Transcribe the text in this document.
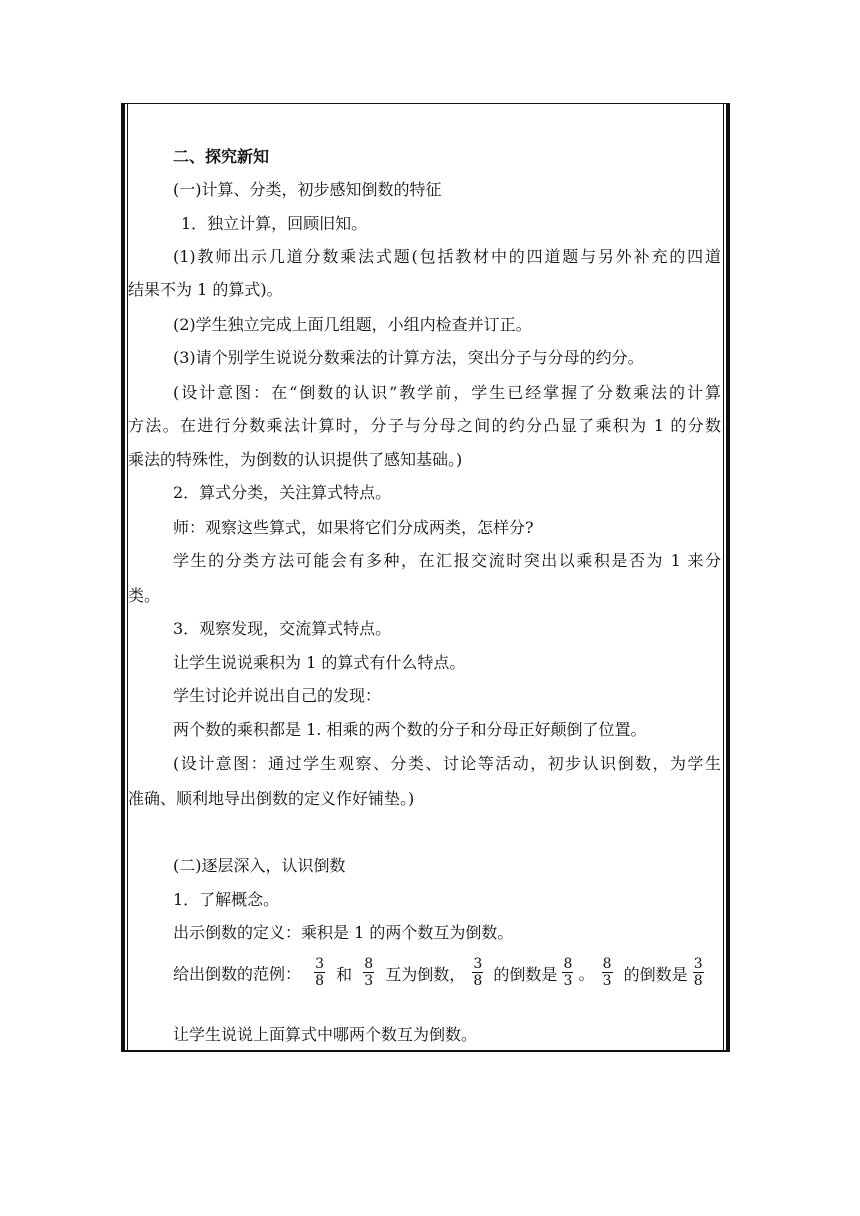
二、探究新知
(一)计算、分类，初步感知倒数的特征
1．独立计算，回顾旧知。
(1)教师出示几道分数乘法式题(包括教材中的四道题与另外补充的四道
结果不为 1 的算式)。
(2)学生独立完成上面几组题，小组内检查并订正。
(3)请个别学生说说分数乘法的计算方法，突出分子与分母的约分。
(设计意图：在“倒数的认识”教学前，学生已经掌握了分数乘法的计算
方法。在进行分数乘法计算时，分子与分母之间的约分凸显了乘积为 1 的分数
乘法的特殊性，为倒数的认识提供了感知基础。)
2．算式分类，关注算式特点。
师：观察这些算式，如果将它们分成两类，怎样分?
学生的分类方法可能会有多种，在汇报交流时突出以乘积是否为 1 来分
类。
3．观察发现，交流算式特点。
让学生说说乘积为 1 的算式有什么特点。
学生讨论并说出自己的发现：
两个数的乘积都是 1. 相乘的两个数的分子和分母正好颠倒了位置。
(设计意图：通过学生观察、分类、讨论等活动，初步认识倒数，为学生
准确、顺利地导出倒数的定义作好铺垫。)
(二)逐层深入，认识倒数
1．了解概念。
出示倒数的定义：乘积是 1 的两个数互为倒数。
给出倒数的范例： $\frac{3}{8}$ 和 $\frac{8}{3}$ 互为倒数， $\frac{3}{8}$ 的倒数是 $\frac{8}{3}$ 。 $\frac{8}{3}$ 的倒数是 $\frac{3}{8}$
让学生说说上面算式中哪两个数互为倒数。
